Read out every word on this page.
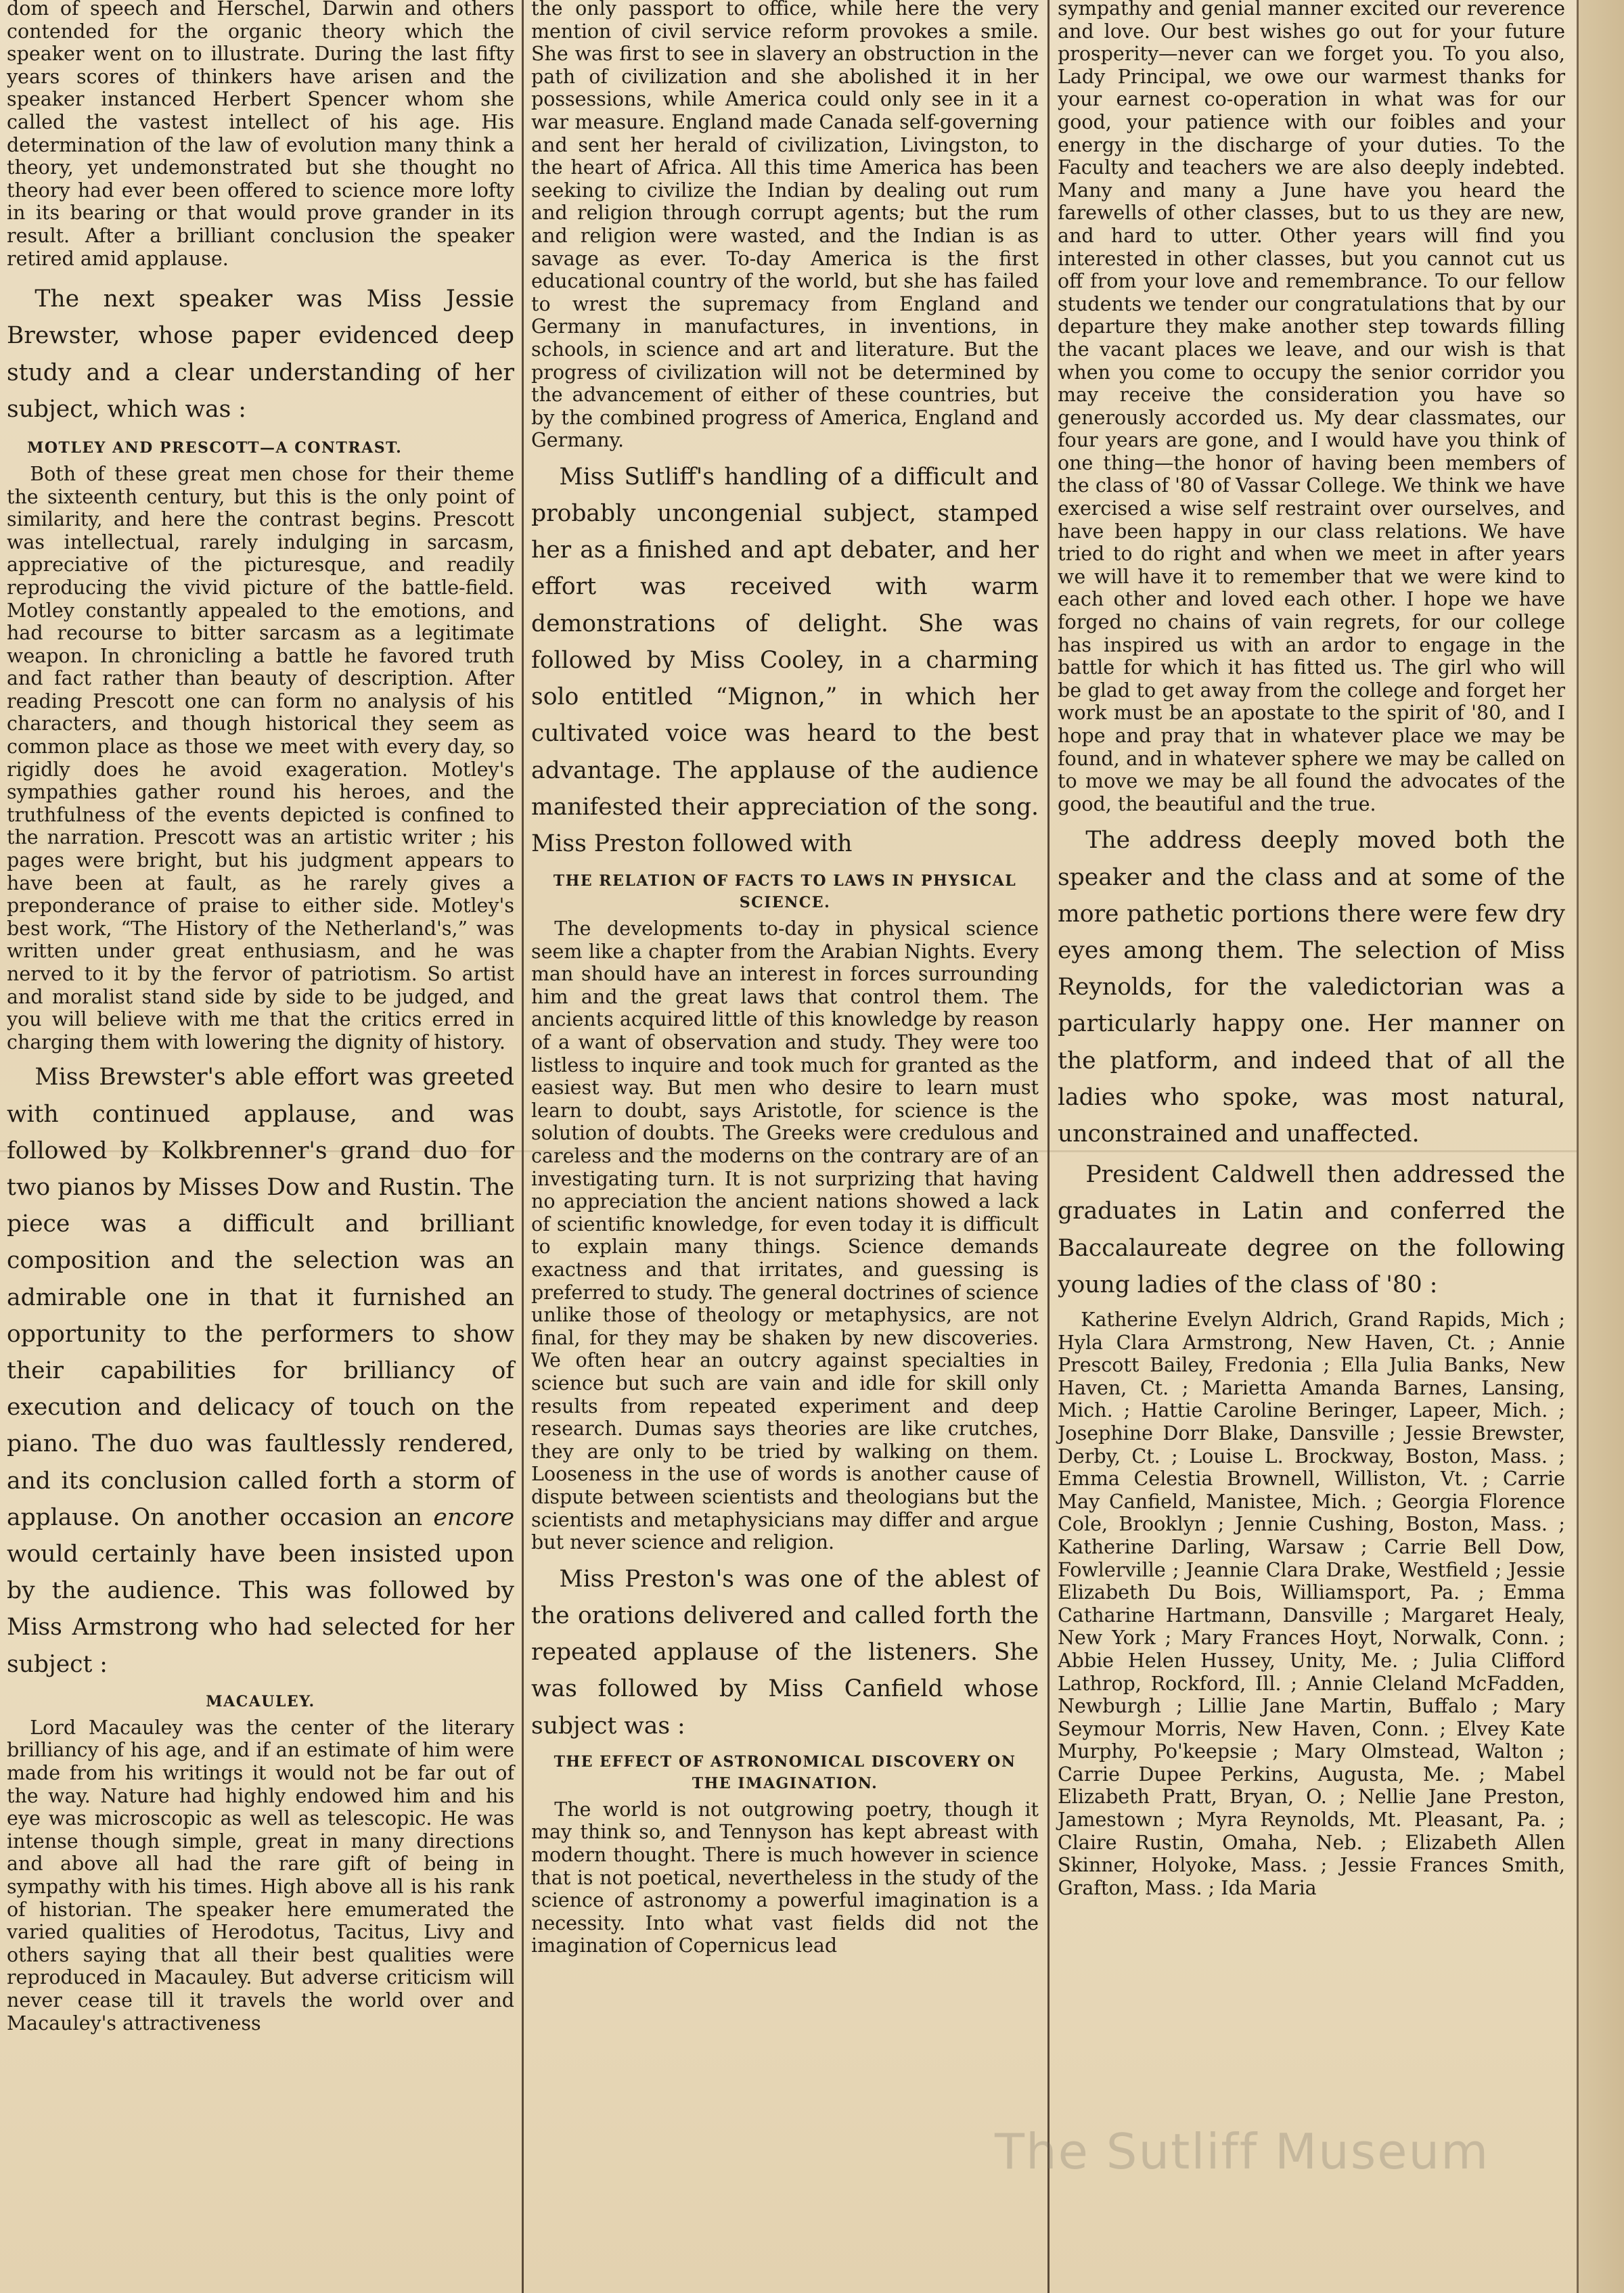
dom of speech and Herschel, Darwin and others contended for the organic theory which the speaker went on to illustrate. During the last fifty years scores of thinkers have arisen and the speaker instanced Herbert Spencer whom she called the vastest intellect of his age. His determination of the law of evolution many think a theory, yet undemonstrated but she thought no theory had ever been offered to science more lofty in its bearing or that would prove grander in its result. After a brilliant conclusion the speaker retired amid applause.

The next speaker was Miss Jessie Brewster, whose paper evidenced deep study and a clear understanding of her subject, which was :

MOTLEY AND PRESCOTT—A CONTRAST.

Both of these great men chose for their theme the sixteenth century, but this is the only point of similarity, and here the contrast begins. Prescott was intellectual, rarely indulging in sarcasm, appreciative of the picturesque, and readily reproducing the vivid picture of the battle-field. Motley constantly appealed to the emotions, and had recourse to bitter sarcasm as a legitimate weapon. In chronicling a battle he favored truth and fact rather than beauty of description. After reading Prescott one can form no analysis of his characters, and though historical they seem as common place as those we meet with every day, so rigidly does he avoid exageration. Motley's sympathies gather round his heroes, and the truthfulness of the events depicted is confined to the narration. Prescott was an artistic writer ; his pages were bright, but his judgment appears to have been at fault, as he rarely gives a preponderance of praise to either side. Motley's best work, “The History of the Netherland's,” was written under great enthusiasm, and he was nerved to it by the fervor of patriotism. So artist and moralist stand side by side to be judged, and you will believe with me that the critics erred in charging them with lowering the dignity of history.

Miss Brewster's able effort was greeted with continued applause, and was followed by Kolkbrenner's grand duo for two pianos by Misses Dow and Rustin. The piece was a difficult and brilliant composition and the selection was an admirable one in that it furnished an opportunity to the performers to show their capabilities for brilliancy of execution and delicacy of touch on the piano. The duo was faultlessly rendered, and its conclusion called forth a storm of applause. On another occasion an encore would certainly have been insisted upon by the audience. This was followed by Miss Armstrong who had selected for her subject :

MACAULEY.

Lord Macauley was the center of the literary brilliancy of his age, and if an estimate of him were made from his writings it would not be far out of the way. Nature had highly endowed him and his eye was microscopic as well as telescopic. He was intense though simple, great in many directions and above all had the rare gift of being in sympathy with his times. High above all is his rank of historian. The speaker here emumerated the varied qualities of Herodotus, Tacitus, Livy and others saying that all their best qualities were reproduced in Macauley. But adverse criticism will never cease till it travels the world over and Macauley's attractiveness

the only passport to office, while here the very mention of civil service reform provokes a smile. She was first to see in slavery an obstruction in the path of civilization and she abolished it in her possessions, while America could only see in it a war measure. England made Canada self-governing and sent her herald of civilization, Livingston, to the heart of Africa. All this time America has been seeking to civilize the Indian by dealing out rum and religion through corrupt agents; but the rum and religion were wasted, and the Indian is as savage as ever. To-day America is the first educational country of the world, but she has failed to wrest the supremacy from England and Germany in manufactures, in inventions, in schools, in science and art and literature. But the progress of civilization will not be determined by the advancement of either of these countries, but by the combined progress of America, England and Germany.

Miss Sutliff's handling of a difficult and probably uncongenial subject, stamped her as a finished and apt debater, and her effort was received with warm demonstrations of delight. She was followed by Miss Cooley, in a charming solo entitled “Mignon,” in which her cultivated voice was heard to the best advantage. The applause of the audience manifested their appreciation of the song. Miss Preston followed with

THE RELATION OF FACTS TO LAWS IN PHYSICAL SCIENCE.

The developments to-day in physical science seem like a chapter from the Arabian Nights. Every man should have an interest in forces surrounding him and the great laws that control them. The ancients acquired little of this knowledge by reason of a want of observation and study. They were too listless to inquire and took much for granted as the easiest way. But men who desire to learn must learn to doubt, says Aristotle, for science is the solution of doubts. The Greeks were credulous and careless and the moderns on the contrary are of an investigating turn. It is not surprizing that having no appreciation the ancient nations showed a lack of scientific knowledge, for even today it is difficult to explain many things. Science demands exactness and that irritates, and guessing is preferred to study. The general doctrines of science unlike those of theology or metaphysics, are not final, for they may be shaken by new discoveries. We often hear an outcry against specialties in science but such are vain and idle for skill only results from repeated experiment and deep research. Dumas says theories are like crutches, they are only to be tried by walking on them. Looseness in the use of words is another cause of dispute between scientists and theologians but the scientists and metaphysicians may differ and argue but never science and religion.

Miss Preston's was one of the ablest of the orations delivered and called forth the repeated applause of the listeners. She was followed by Miss Canfield whose subject was :

THE EFFECT OF ASTRONOMICAL DISCOVERY ON THE IMAGINATION.

The world is not outgrowing poetry, though it may think so, and Tennyson has kept abreast with modern thought. There is much however in science that is not poetical, nevertheless in the study of the science of astronomy a powerful imagination is a necessity. Into what vast fields did not the imagination of Copernicus lead

sympathy and genial manner excited our reverence and love. Our best wishes go out for your future prosperity—never can we forget you. To you also, Lady Principal, we owe our warmest thanks for your earnest co-operation in what was for our good, your patience with our foibles and your energy in the discharge of your duties. To the Faculty and teachers we are also deeply indebted. Many and many a June have you heard the farewells of other classes, but to us they are new, and hard to utter. Other years will find you interested in other classes, but you cannot cut us off from your love and remembrance. To our fellow students we tender our congratulations that by our departure they make another step towards filling the vacant places we leave, and our wish is that when you come to occupy the senior corridor you may receive the consideration you have so generously accorded us. My dear classmates, our four years are gone, and I would have you think of one thing—the honor of having been members of the class of '80 of Vassar College. We think we have exercised a wise self restraint over ourselves, and have been happy in our class relations. We have tried to do right and when we meet in after years we will have it to remember that we were kind to each other and loved each other. I hope we have forged no chains of vain regrets, for our college has inspired us with an ardor to engage in the battle for which it has fitted us. The girl who will be glad to get away from the college and forget her work must be an apostate to the spirit of '80, and I hope and pray that in whatever place we may be found, and in whatever sphere we may be called on to move we may be all found the advocates of the good, the beautiful and the true.

The address deeply moved both the speaker and the class and at some of the more pathetic portions there were few dry eyes among them. The selection of Miss Reynolds, for the valedictorian was a particularly happy one. Her manner on the platform, and indeed that of all the ladies who spoke, was most natural, unconstrained and unaffected.

President Caldwell then addressed the graduates in Latin and conferred the Baccalaureate degree on the following young ladies of the class of '80 :

Katherine Evelyn Aldrich, Grand Rapids, Mich ; Hyla Clara Armstrong, New Haven, Ct. ; Annie Prescott Bailey, Fredonia ; Ella Julia Banks, New Haven, Ct. ; Marietta Amanda Barnes, Lansing, Mich. ; Hattie Caroline Beringer, Lapeer, Mich. ; Josephine Dorr Blake, Dansville ; Jessie Brewster, Derby, Ct. ; Louise L. Brockway, Boston, Mass. ; Emma Celestia Brownell, Williston, Vt. ; Carrie May Canfield, Manistee, Mich. ; Georgia Florence Cole, Brooklyn ; Jennie Cushing, Boston, Mass. ; Katherine Darling, Warsaw ; Carrie Bell Dow, Fowlerville ; Jeannie Clara Drake, Westfield ; Jessie Elizabeth Du Bois, Williamsport, Pa. ; Emma Catharine Hartmann, Dansville ; Margaret Healy, New York ; Mary Frances Hoyt, Norwalk, Conn. ; Abbie Helen Hussey, Unity, Me. ; Julia Clifford Lathrop, Rockford, Ill. ; Annie Cleland McFadden, Newburgh ; Lillie Jane Martin, Buffalo ; Mary Seymour Morris, New Haven, Conn. ; Elvey Kate Murphy, Po'keepsie ; Mary Olmstead, Walton ; Carrie Dupee Perkins, Augusta, Me. ; Mabel Elizabeth Pratt, Bryan, O. ; Nellie Jane Preston, Jamestown ; Myra Reynolds, Mt. Pleasant, Pa. ; Claire Rustin, Omaha, Neb. ; Elizabeth Allen Skinner, Holyoke, Mass. ; Jessie Frances Smith, Grafton, Mass. ; Ida Maria

The Sutliff Museum
